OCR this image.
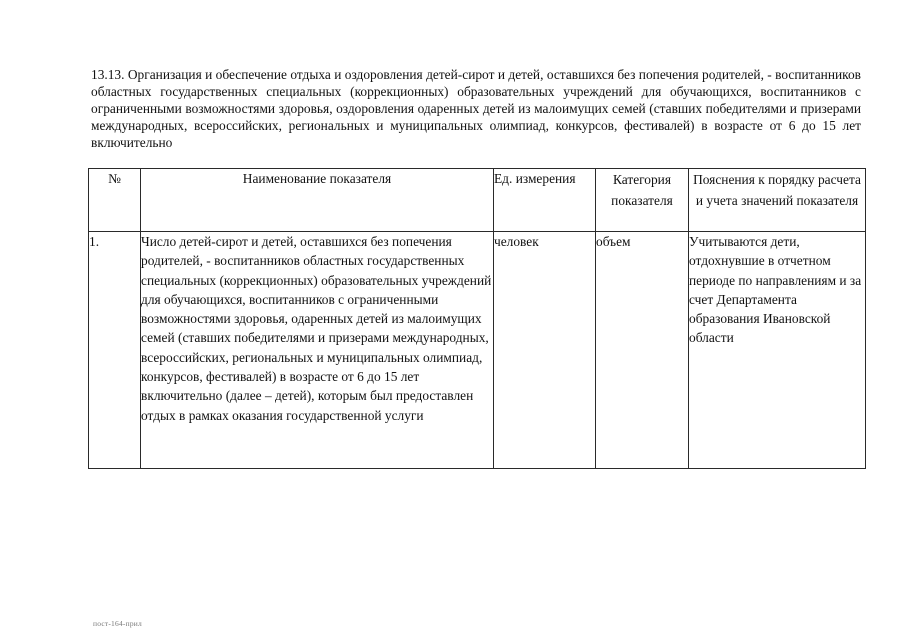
13.13. Организация и обеспечение отдыха и оздоровления детей-сирот и детей, оставшихся без попечения родителей, - воспитанников областных государственных специальных (коррекционных) образовательных учреждений для обучающихся, воспитанников с ограниченными возможностями здоровья, оздоровления одаренных детей из малоимущих семей (ставших победителями и призерами международных, всероссийских, региональных и муниципальных олимпиад, конкурсов, фестивалей) в возрасте от 6 до 15 лет включительно
№	Наименование показателя	Ед. измерения	Категория показателя	Пояснения к порядку расчета и учета значений показателя
1.	Число детей-сирот и детей, оставшихся без попечения родителей, - воспитанников областных государственных специальных (коррекционных) образовательных учреждений для обучающихся, воспитанников с ограниченными возможностями здоровья, одаренных детей из малоимущих семей (ставших победителями и призерами международных, всероссийских, региональных и муниципальных олимпиад, конкурсов, фестивалей) в возрасте от 6 до 15 лет включительно (далее – детей), которым был предоставлен отдых в рамках оказания государственной услуги	человек	объем	Учитываются дети, отдохнувшие в отчетном периоде по направлениям и за счет Департамента образования Ивановской области
пост-164-прил
